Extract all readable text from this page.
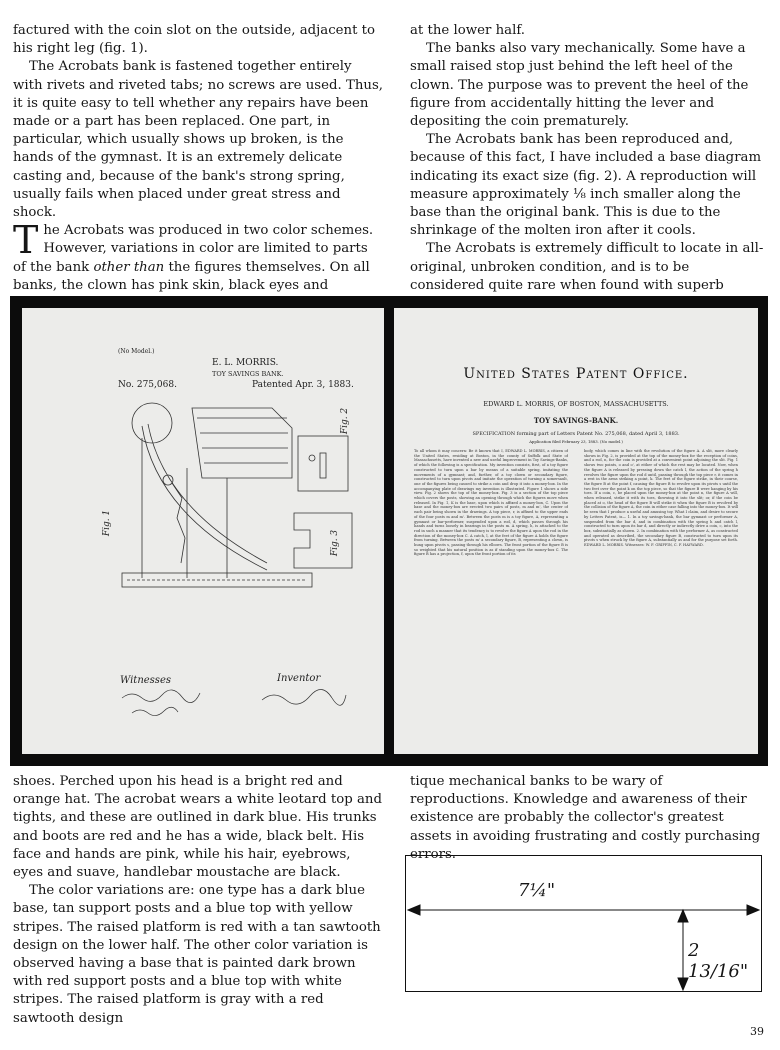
factured with the coin slot on the outside, adjacent to his right leg (fig. 1).

The Acrobats bank is fastened together entirely with rivets and riveted tabs; no screws are used. Thus, it is quite easy to tell whether any repairs have been made or a part has been replaced. One part, in particular, which usually shows up broken, is the hands of the gymnast. It is an extremely delicate casting and, because of the bank's strong spring, usually fails when placed under great stress and shock.

The Acrobats was produced in two color schemes. However, variations in color are limited to parts of the bank other than the figures themselves. On all banks, the clown has pink skin, black eyes and

at the lower half.

The banks also vary mechanically. Some have a small raised stop just behind the left heel of the clown. The purpose was to prevent the heel of the figure from accidentally hitting the lever and depositing the coin prematurely.

The Acrobats bank has been reproduced and, because of this fact, I have included a base diagram indicating its exact size (fig. 2). A reproduction will measure approximately ⅛ inch smaller along the base than the original bank. This is due to the shrinkage of the molten iron after it cools.

The Acrobats is extremely difficult to locate in all-original, unbroken condition, and is to be considered quite rare when found with superb

(No Model.)
E. L. MORRIS.
TOY SAVINGS BANK.
No. 275,068.	Patented Apr. 3, 1883.
Fig. 1
Fig. 2
Fig. 3
Witnesses	Inventor
United States Patent Office.
EDWARD L. MORRIS, OF BOSTON, MASSACHUSETTS.
TOY SAVINGS-BANK.
SPECIFICATION forming part of Letters Patent No. 275,068, dated April 3, 1883.
Application filed February 23, 1883. (No model.)
To all whom it may concern: Be it known that I, EDWARD L. MORRIS, a citizen of the United States, residing at Boston, in the county of Suffolk and State of Massachusetts, have invented a new and useful Improvement in Toy Savings-Banks, of which the following is a specification. My invention consists, first, of a toy figure constructed to turn upon a bar by means of a suitable spring, imitating the movements of a gymnast; and, further, of a toy clown or secondary figure, constructed to turn upon pivots and imitate the operation of turning a somersault, one of the figures being caused to strike a coin and drop it into a money-box. In the accompanying plate of drawings my invention is illustrated. Figure 1 shows a side view. Fig. 2 shows the top of the money-box. Fig. 3 is a section of the top piece which covers the posts, showing an opening through which the figures move when released. In Fig. 1, K is the base, upon which is affixed a money-box, C. Upon the base and the money-box are erected two pairs of posts, m and m', the center of each pair being shown in the drawings. A top piece, r, is affixed to the upper ends of the four posts m and m'. Between the posts m is a toy figure, A, representing a gymnast or bar-performer, suspended upon a rod, d, which passes through his hands and turns loosely in bearings in the posts m. A spring, h, is attached to the rod in such a manner that its tendency is to revolve the figure A upon the rod in the direction of the money-box C. A catch, l, at the feet of the figure A holds the figure from turning. Between the posts m' a secondary figure, B, representing a clown, is hung upon pivots s, passing through his elbows. The front portion of the figure B is so weighted that his natural position is as if standing upon the money-box C. The figure B has a projection, f, upon the front portion of its
body, which comes in line with the revolution of the figure A. A slit, more clearly shown in Fig. 2, is provided at the top of the money-box for the reception of coins, and a rod, n, for the coin is provided at a convenient point adjoining the slit. Fig. 1 shows two points, o and o', at either of which the rest may be located. Now, when the figure A is released by pressing down the catch l, the action of the spring h revolves the figure upon the rod d until, passing through the top piece r, it comes in a rest in the arms striking a point, k. The feet of the figure strike, in their course, the figure B at the point f, causing the figure B to revolve upon its pivots s until the two feet over the point k on the top piece, so that the figure B were hanging by his toes. If a coin, c, be placed upon the money-box at the point n, the figure A will, when released, strike it with its toes, throwing it into the slit; or, if the coin be placed at o, the head of the figure B will strike it when the figure B is revolved by the collision of the figure A, the coin in either case falling into the money-box. It will be seen that I produce a useful and amusing toy. What I claim, and desire to secure by Letters Patent, is— 1. In a toy savings-bank, the bar gymnast or performer A, suspended from the bar d, and in combination with the spring h and catch l, constructed to turn upon its bar d, and directly or indirectly drive a coin, c, into the box, substantially as shown. 2. In combination with the performer A, as constructed and operated as described, the secondary figure B, constructed to turn upon its pivots s when struck by the figure A, substantially as and for the purpose set forth. EDWARD L. MORRIS. Witnesses: W. F. GRIFFIN, C. F. HAYWARD.

shoes. Perched upon his head is a bright red and orange hat. The acrobat wears a white leotard top and tights, and these are outlined in dark blue. His trunks and boots are red and he has a wide, black belt. His face and hands are pink, while his hair, eyebrows, eyes and suave, handlebar moustache are black.

The color variations are: one type has a dark blue base, tan support posts and a blue top with yellow stripes. The raised platform is red with a tan sawtooth design on the lower half. The other color variation is observed having a base that is painted dark brown with red support posts and a blue top with white stripes. The raised platform is gray with a red sawtooth design

tique mechanical banks to be wary of reproductions. Knowledge and awareness of their existence are probably the collector's greatest assets in avoiding frustrating and costly purchasing errors.

7¼"
2 13/16"
39
